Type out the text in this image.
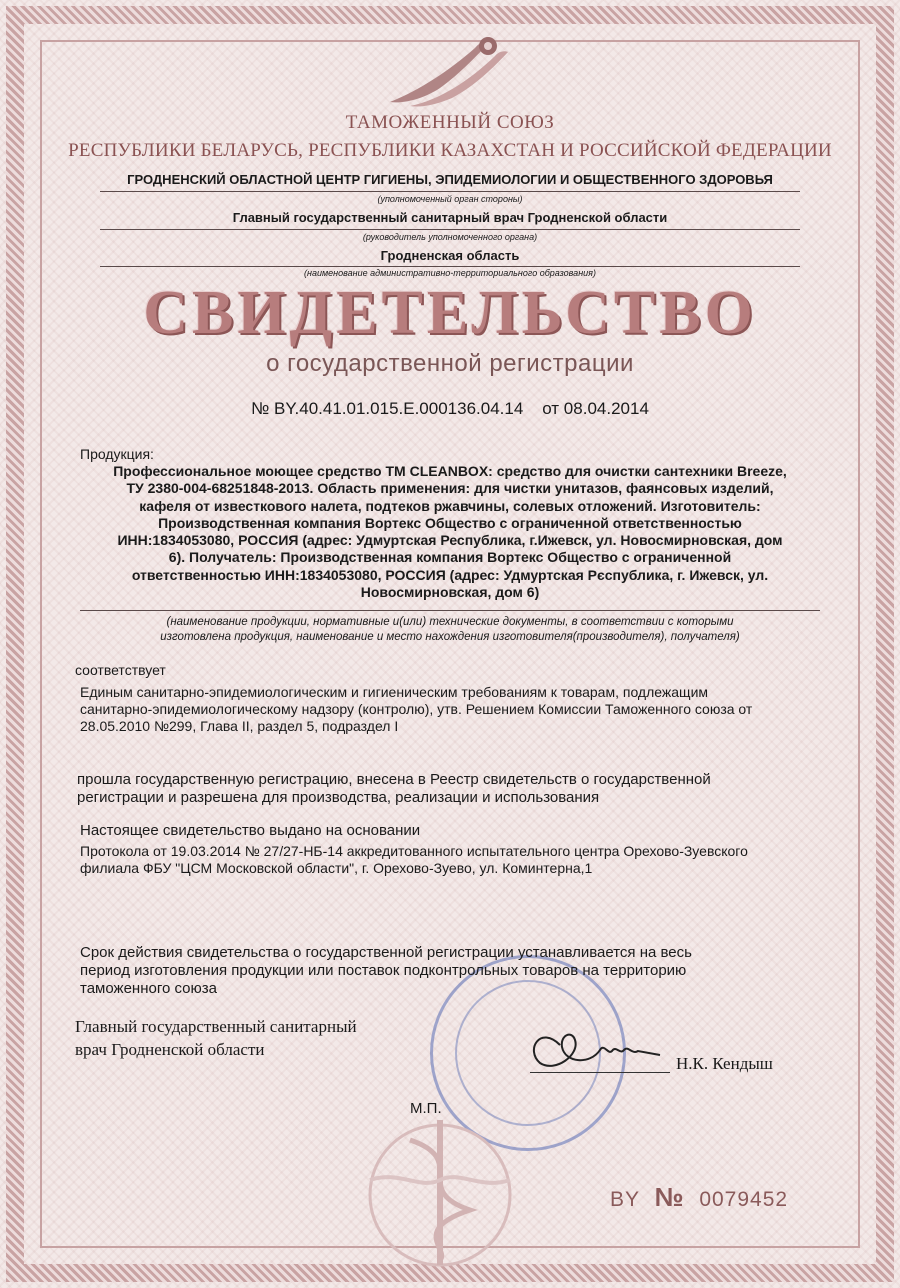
ТАМОЖЕННЫЙ СОЮЗ
РЕСПУБЛИКИ БЕЛАРУСЬ, РЕСПУБЛИКИ КАЗАХСТАН И РОССИЙСКОЙ ФЕДЕРАЦИИ
ГРОДНЕНСКИЙ ОБЛАСТНОЙ ЦЕНТР ГИГИЕНЫ, ЭПИДЕМИОЛОГИИ И ОБЩЕСТВЕННОГО ЗДОРОВЬЯ
(уполномоченный орган стороны)
Главный государственный санитарный врач Гродненской области
(руководитель уполномоченного органа)
Гродненская область
(наименование административно-территориального образования)
СВИДЕТЕЛЬСТВО
о государственной регистрации
№ BY.40.41.01.015.Е.000136.04.14 от 08.04.2014
Продукция:
Профессиональное моющее средство ТМ CLEANBOX: средство для очистки сантехники Breeze,
ТУ 2380-004-68251848-2013. Область применения: для чистки унитазов, фаянсовых изделий,
кафеля от известкового налета, подтеков ржавчины, солевых отложений. Изготовитель:
Производственная компания Вортекс Общество с ограниченной ответственностью
ИНН:1834053080, РОССИЯ (адрес: Удмуртская Республика, г.Ижевск, ул. Новосмирновская, дом
6). Получатель: Производственная компания Вортекс Общество с ограниченной
ответственностью ИНН:1834053080, РОССИЯ (адрес: Удмуртская Рєспублика, г. Ижевск, ул.
Новосмирновская, дом 6)
(наименование продукции, нормативные и(или) технические документы, в соответствии с которыми
изготовлена продукция, наименование и место нахождения изготовителя(производителя), получателя)
соответствует
Единым санитарно-эпидемиологическим и гигиеническим требованиям к товарам, подлежащим
санитарно-эпидемиологическому надзору (контролю), утв. Решением Комиссии Таможенного союза от
28.05.2010 №299, Глава II, раздел 5, подраздел I
прошла государственную регистрацию, внесена в Реестр свидетельств о государственной
регистрации и разрешена для производства, реализации и использования
Настоящее свидетельство выдано на основании
Протокола от 19.03.2014 № 27/27-НБ-14 аккредитованного испытательного центра Орехово-Зуевского
филиала ФБУ "ЦСМ Московской области", г. Орехово-Зуево, ул. Коминтерна,1
Срок действия свидетельства о государственной регистрации устанавливается на весь
период изготовления продукции или поставок подконтрольных товаров на территорию
таможенного союза
Главный государственный санитарный
врач Гродненской области
Н.К. Кендыш
М.П.
BY № 0079452
